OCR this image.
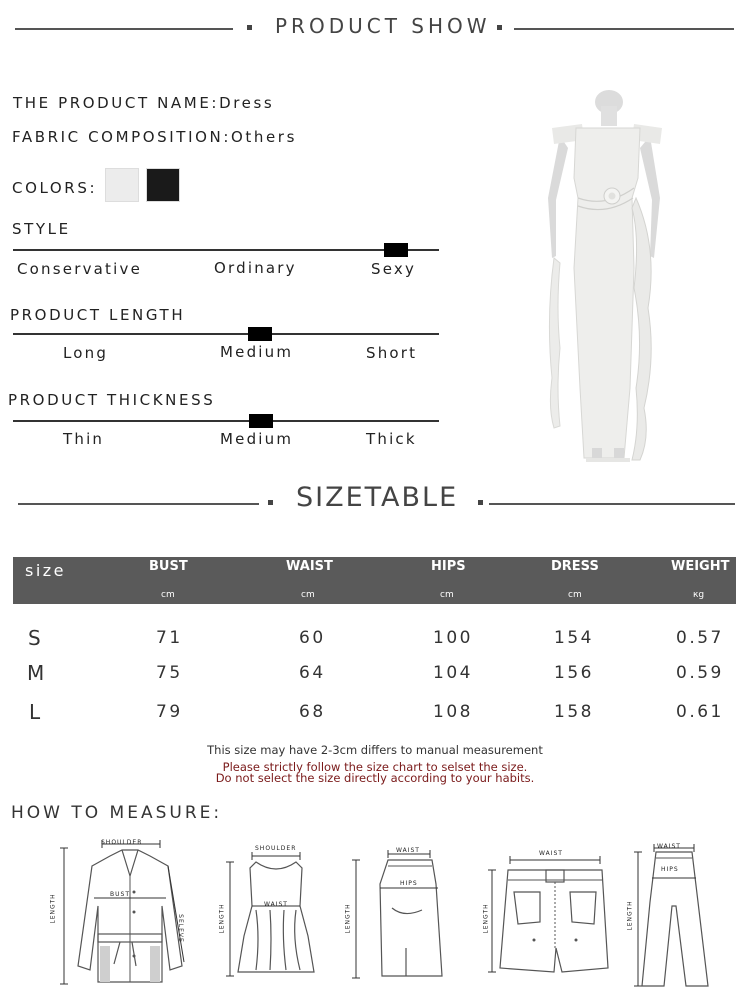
PRODUCT SHOW
THE PRODUCT NAME:Dress
FABRIC COMPOSITION:Others
COLORS:
STYLE
Conservative	Ordinary	Sexy
PRODUCT LENGTH
Long	Medium	Short
PRODUCT THICKNESS
Thin	Medium	Thick
SIZETABLE
size	BUST	WAIST	HIPS	DRESS	WEIGHT
cm	cm	cm	cm	кg
S	71	60	100	154	0.57
M	75	64	104	156	0.59
L	79	68	108	158	0.61
This size may have 2-3cm differs to manual measurement
Please strictly follow the size chart to selset the size.
Do not select the size directly according to your habits.
HOW TO MEASURE:
SHOULDER
BUST
LENGTH
SELEVE
SHOULDER
WAIST
LENGTH
WAIST
HIPS
LENGTH
WAIST
LENGTH
WAIST
HIPS
LENGTH
